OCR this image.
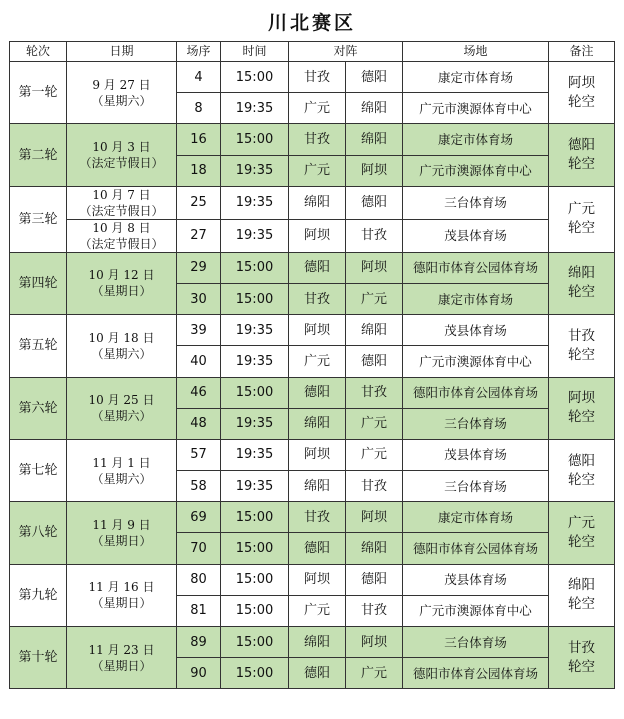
川北赛区
轮次	日期	场序	时间	对阵		场地	备注
第一轮	9 月 27 日
（星期六）	4	15:00	甘孜	德阳	康定市体育场	阿坝
轮空
		8	19:35	广元	绵阳	广元市澳源体育中心	
第二轮	10 月 3 日
（法定节假日）	16	15:00	甘孜	绵阳	康定市体育场	德阳
轮空
		18	19:35	广元	阿坝	广元市澳源体育中心	
第三轮	10 月 7 日
（法定节假日）	25	19:35	绵阳	德阳	三台体育场	广元
轮空
	10 月 8 日
（法定节假日）	27	19:35	阿坝	甘孜	茂县体育场	
第四轮	10 月 12 日
（星期日）	29	15:00	德阳	阿坝	德阳市体育公园体育场	绵阳
轮空
		30	15:00	甘孜	广元	康定市体育场	
第五轮	10 月 18 日
（星期六）	39	19:35	阿坝	绵阳	茂县体育场	甘孜
轮空
		40	19:35	广元	德阳	广元市澳源体育中心	
第六轮	10 月 25 日
（星期六）	46	15:00	德阳	甘孜	德阳市体育公园体育场	阿坝
轮空
		48	19:35	绵阳	广元	三台体育场	
第七轮	11 月 1 日
（星期六）	57	19:35	阿坝	广元	茂县体育场	德阳
轮空
		58	19:35	绵阳	甘孜	三台体育场	
第八轮	11 月 9 日
（星期日）	69	15:00	甘孜	阿坝	康定市体育场	广元
轮空
		70	15:00	德阳	绵阳	德阳市体育公园体育场	
第九轮	11 月 16 日
（星期日）	80	15:00	阿坝	德阳	茂县体育场	绵阳
轮空
		81	15:00	广元	甘孜	广元市澳源体育中心	
第十轮	11 月 23 日
（星期日）	89	15:00	绵阳	阿坝	三台体育场	甘孜
轮空
		90	15:00	德阳	广元	德阳市体育公园体育场	
